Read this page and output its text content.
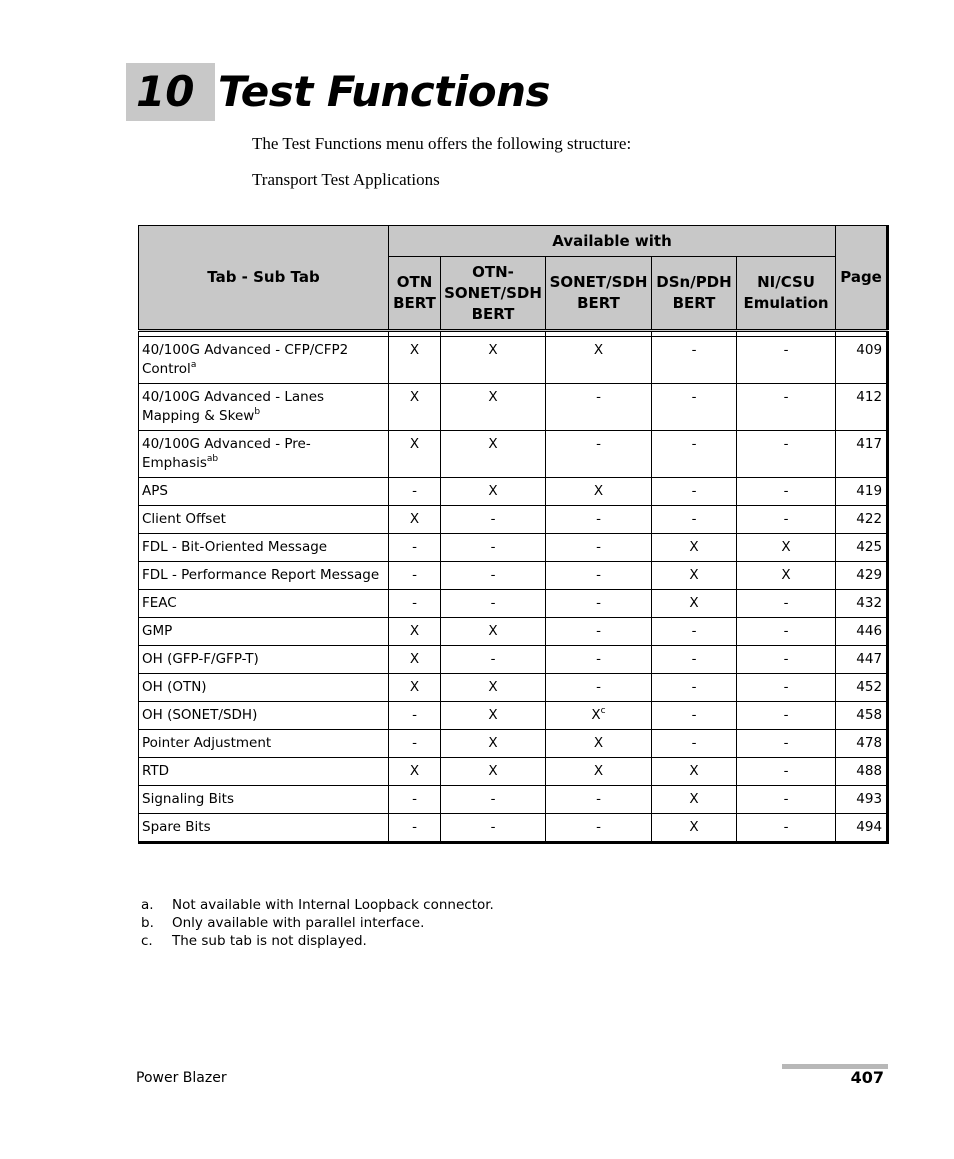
10 Test Functions
The Test Functions menu offers the following structure:
Transport Test Applications
Tab - Sub Tab	Available with					Page
	OTN BERT	OTN-SONET/SDH BERT	SONET/SDH BERT	DSn/PDH BERT	NI/CSU Emulation	

40/100G Advanced - CFP/CFP2 Control$^a$	X	X	X	-	-	409
40/100G Advanced - Lanes Mapping & Skew$^b$	X	X	-	-	-	412
40/100G Advanced - Pre-Emphasis$^{ab}$	X	X	-	-	-	417
APS	-	X	X	-	-	419
Client Offset	X	-	-	-	-	422
FDL - Bit-Oriented Message	-	-	-	X	X	425
FDL - Performance Report Message	-	-	-	X	X	429
FEAC	-	-	-	X	-	432
GMP	X	X	-	-	-	446
OH (GFP-F/GFP-T)	X	-	-	-	-	447
OH (OTN)	X	X	-	-	-	452
OH (SONET/SDH)	-	X	$X^c$	-	-	458
Pointer Adjustment	-	X	X	-	-	478
RTD	X	X	X	X	-	488
Signaling Bits	-	-	-	X	-	493
Spare Bits	-	-	-	X	-	494
a.	Not available with Internal Loopback connector.
b.	Only available with parallel interface.
c.	The sub tab is not displayed.
Power Blazer	407
